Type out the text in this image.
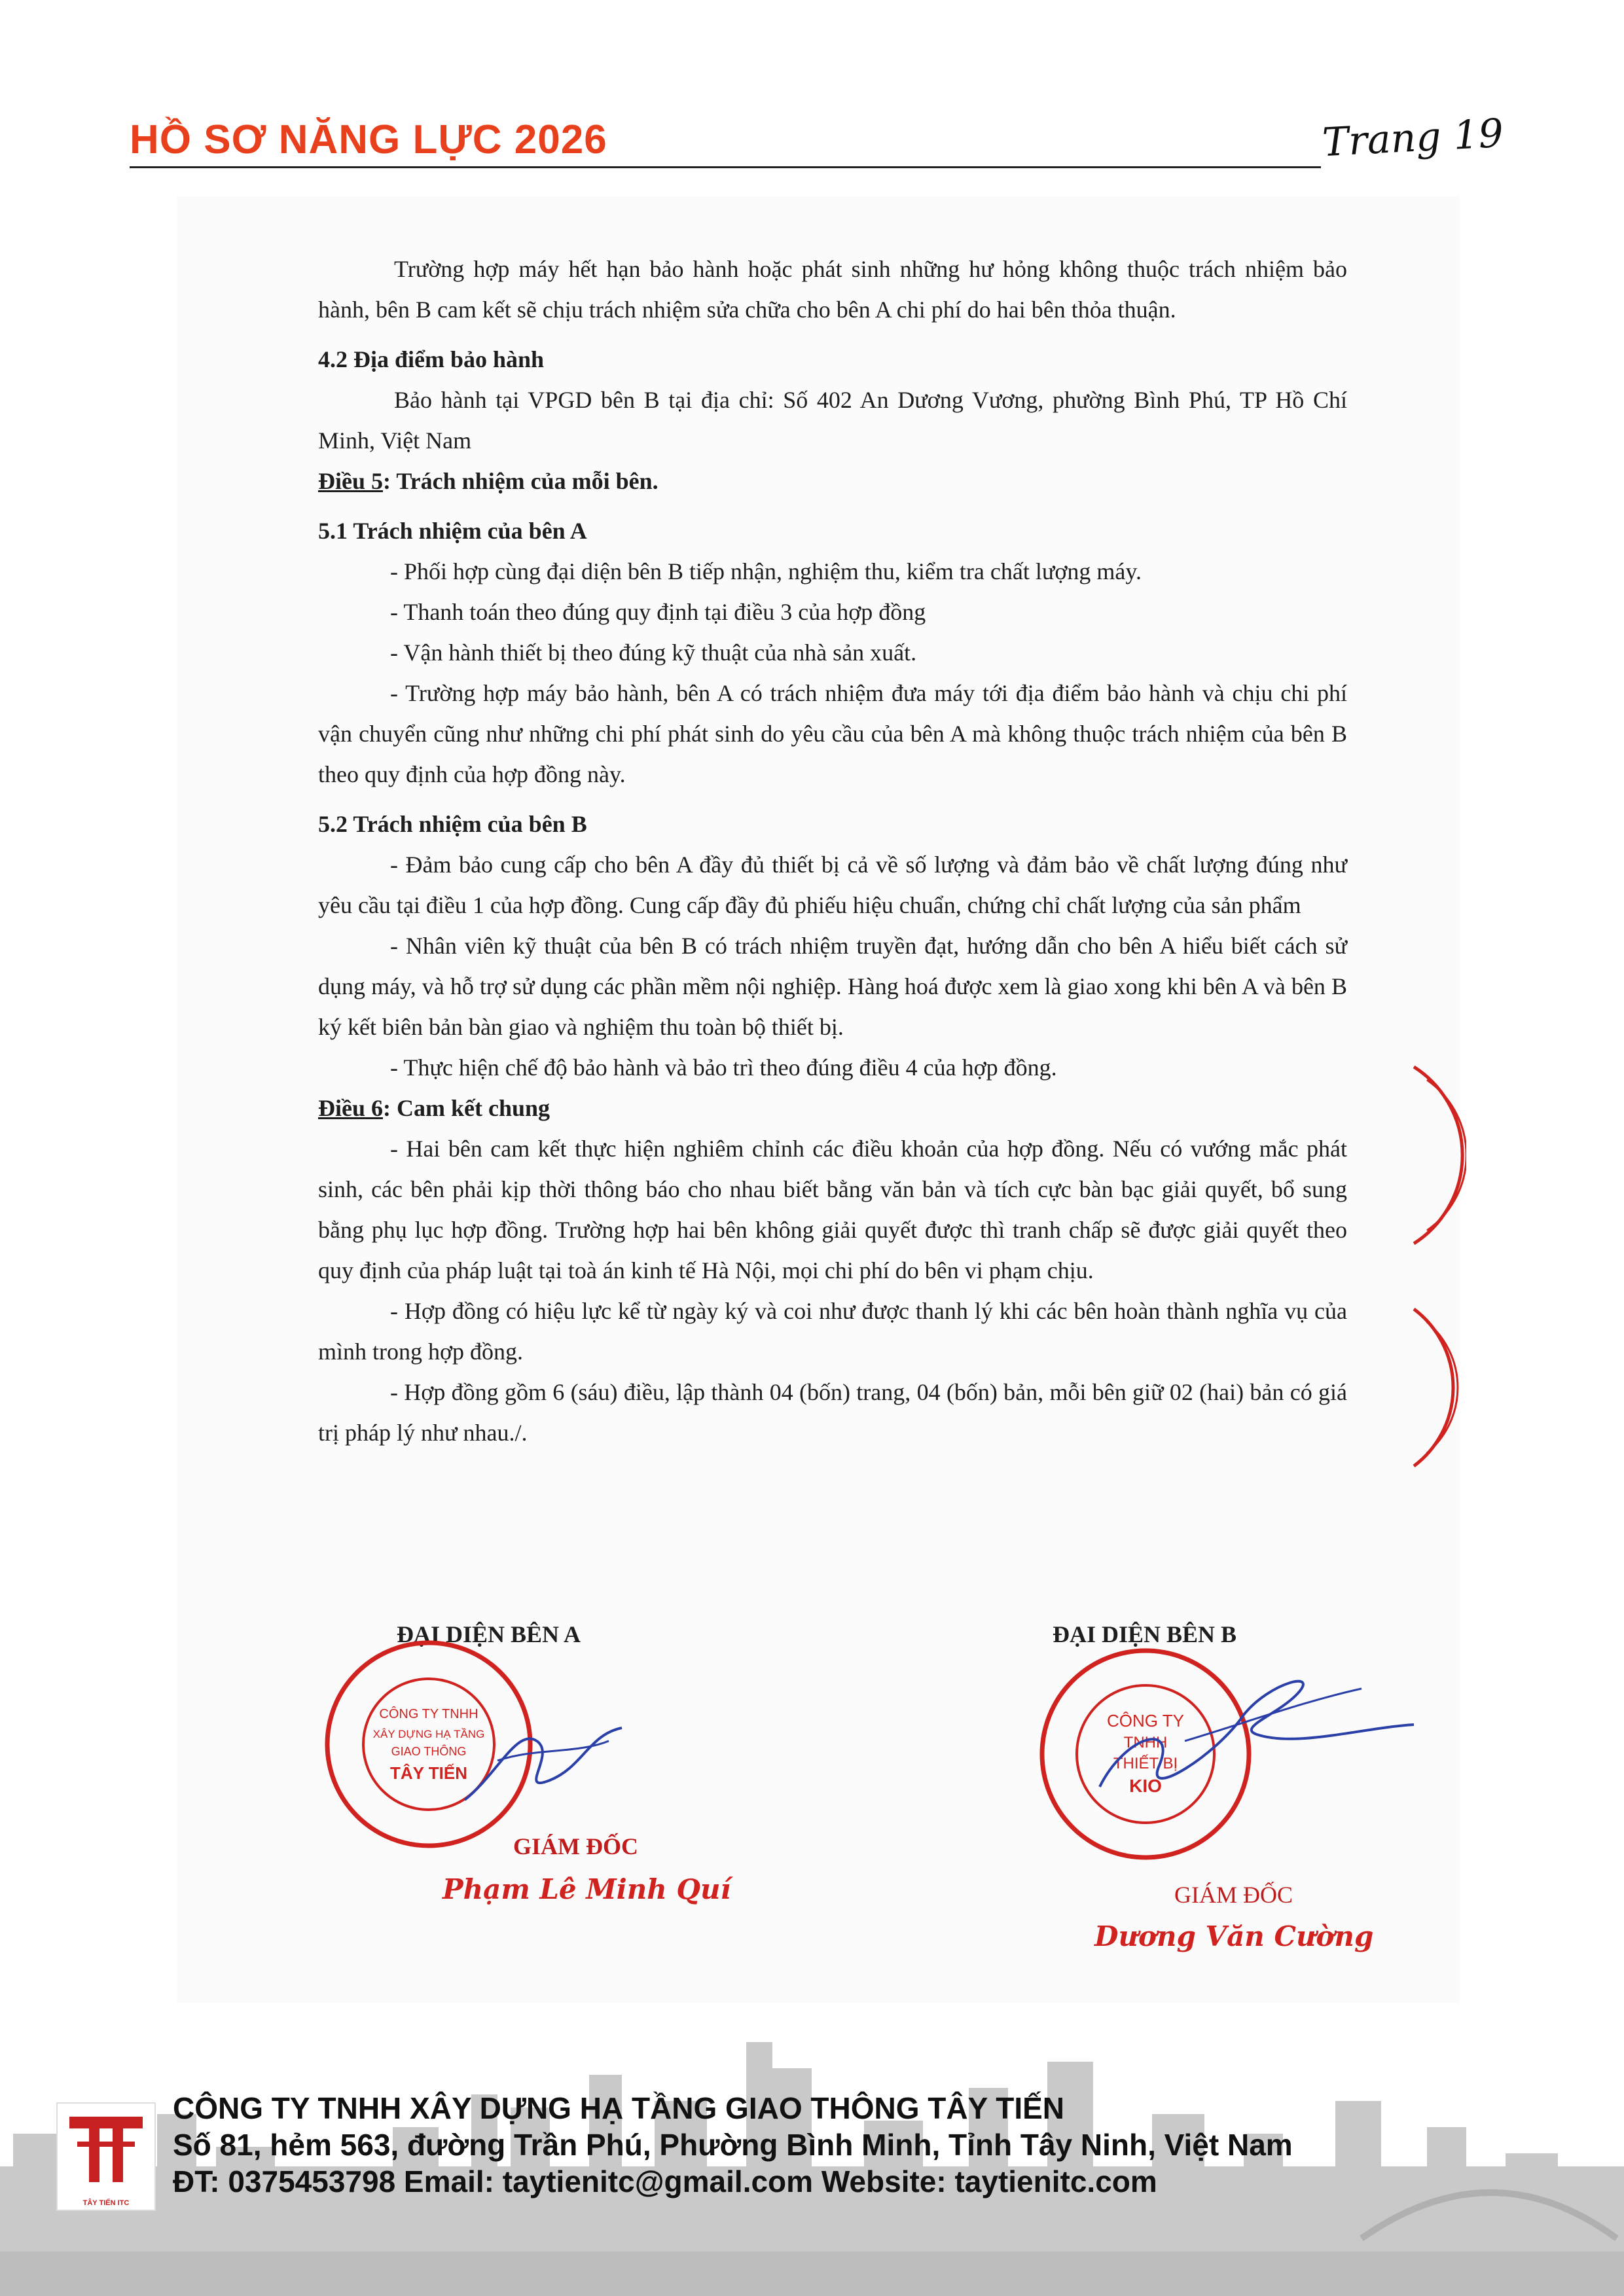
HỒ SƠ NĂNG LỰC 2026	Trang 19

Trường hợp máy hết hạn bảo hành hoặc phát sinh những hư hỏng không thuộc trách nhiệm bảo hành, bên B cam kết sẽ chịu trách nhiệm sửa chữa cho bên A chi phí do hai bên thỏa thuận.

4.2 Địa điểm bảo hành

Bảo hành tại VPGD bên B tại địa chỉ: Số 402 An Dương Vương, phường Bình Phú, TP Hồ Chí Minh, Việt Nam

Điều 5: Trách nhiệm của mỗi bên.

5.1 Trách nhiệm của bên A

- Phối hợp cùng đại diện bên B tiếp nhận, nghiệm thu, kiểm tra chất lượng máy.

- Thanh toán theo đúng quy định tại điều 3 của hợp đồng

- Vận hành thiết bị theo đúng kỹ thuật của nhà sản xuất.

- Trường hợp máy bảo hành, bên A có trách nhiệm đưa máy tới địa điểm bảo hành và chịu chi phí vận chuyển cũng như những chi phí phát sinh do yêu cầu của bên A mà không thuộc trách nhiệm của bên B theo quy định của hợp đồng này.

5.2 Trách nhiệm của bên B

- Đảm bảo cung cấp cho bên A đầy đủ thiết bị cả về số lượng và đảm bảo về chất lượng đúng như yêu cầu tại điều 1 của hợp đồng. Cung cấp đầy đủ phiếu hiệu chuẩn, chứng chỉ chất lượng của sản phẩm

- Nhân viên kỹ thuật của bên B có trách nhiệm truyền đạt, hướng dẫn cho bên A hiểu biết cách sử dụng máy, và hỗ trợ sử dụng các phần mềm nội nghiệp. Hàng hoá được xem là giao xong khi bên A và bên B ký kết biên bản bàn giao và nghiệm thu toàn bộ thiết bị.

- Thực hiện chế độ bảo hành và bảo trì theo đúng điều 4 của hợp đồng.

Điều 6: Cam kết chung

- Hai bên cam kết thực hiện nghiêm chỉnh các điều khoản của hợp đồng. Nếu có vướng mắc phát sinh, các bên phải kịp thời thông báo cho nhau biết bằng văn bản và tích cực bàn bạc giải quyết, bổ sung bằng phụ lục hợp đồng. Trường hợp hai bên không giải quyết được thì tranh chấp sẽ được giải quyết theo quy định của pháp luật tại toà án kinh tế Hà Nội, mọi chi phí do bên vi phạm chịu.

- Hợp đồng có hiệu lực kể từ ngày ký và coi như được thanh lý khi các bên hoàn thành nghĩa vụ của mình trong hợp đồng.

- Hợp đồng gồm 6 (sáu) điều, lập thành 04 (bốn) trang, 04 (bốn) bản, mỗi bên giữ 02 (hai) bản có giá trị pháp lý như nhau./.

ĐẠI DIỆN BÊN A
CÔNG TY TNHH
XÂY DỰNG HẠ TẦNG
GIAO THÔNG
TÂY TIẾN
GIÁM ĐỐC
Phạm Lê Minh Quí
ĐẠI DIỆN BÊN B
CÔNG TY
TNHH
THIẾT BỊ
KIO
GIÁM ĐỐC
Dương Văn Cường
TÂY TIẾN ITC
CÔNG TY TNHH XÂY DỰNG HẠ TẦNG GIAO THÔNG TÂY TIẾN
Số 81, hẻm 563, đường Trần Phú, Phường Bình Minh, Tỉnh Tây Ninh, Việt Nam
ĐT: 0375453798 Email: taytienitc@gmail.com Website: taytienitc.com
